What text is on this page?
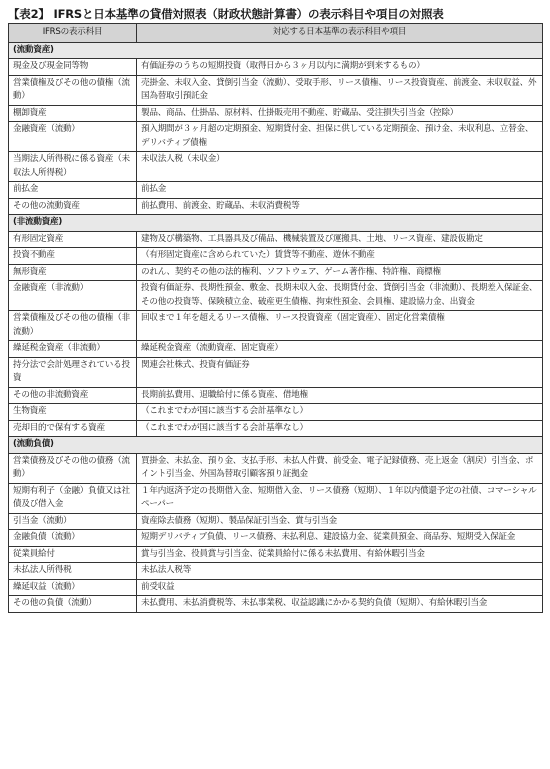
【表2】 IFRSと日本基準の貸借対照表（財政状態計算書）の表示科目や項目の対照表
IFRSの表示科目	対応する日本基準の表示科目や項目
(流動資産)	
現金及び現金同等物	有価証券のうちの短期投資（取得日から３ヶ月以内に満期が到来するもの）
営業債権及びその他の債権（流動）	売掛金、未収入金、貸倒引当金（流動）、受取手形、リース債権、リース投資資産、前渡金、未収収益、外国為替取引預託金
棚卸資産	製品、商品、仕掛品、原材料、仕掛販売用不動産、貯蔵品、受注損失引当金（控除）
金融資産（流動）	預入期間が３ヶ月超の定期預金、短期貸付金、担保に供している定期預金、預け金、未収利息、立替金、デリバティブ債権
当期法人所得税に係る資産（未収法人所得税）	未収法人税（未収金）
前払金	前払金
その他の流動資産	前払費用、前渡金、貯蔵品、未収消費税等
(非流動資産)	
有形固定資産	建物及び構築物、工具器具及び備品、機械装置及び運搬具、土地、リース資産、建設仮勘定
投資不動産	（有形固定資産に含められていた）賃貸等不動産、遊休不動産
無形資産	のれん、契約その他の法的権利、ソフトウェア、ゲーム著作権、特許権、商標権
金融資産（非流動）	投資有価証券、長期性預金、敷金、長期未収入金、長期貸付金、貸倒引当金（非流動）、長期差入保証金、その他の投資等、保険積立金、破産更生債権、拘束性預金、会員権、建設協力金、出資金
営業債権及びその他の債権（非流動）	回収まで１年を超えるリース債権、リース投資資産（固定資産）、固定化営業債権
繰延税金資産（非流動）	繰延税金資産（流動資産、固定資産）
持分法で会計処理されている投資	関連会社株式、投資有価証券
その他の非流動資産	長期前払費用、退職給付に係る資産、借地権
生物資産	（これまでわが国に該当する会計基準なし）
売却目的で保有する資産	（これまでわが国に該当する会計基準なし）
(流動負債)	
営業債務及びその他の債務（流動）	買掛金、未払金、預り金、支払手形、未払人件費、前受金、電子記録債務、売上返金（割戻）引当金、ポイント引当金、外国為替取引顧客預り証拠金
短期有利子（金融）負債又は社債及び借入金	１年内返済予定の長期借入金、短期借入金、リース債務（短期）、１年以内償還予定の社債、コマーシャルペーパー
引当金（流動）	資産除去債務（短期）、製品保証引当金、賞与引当金
金融負債（流動）	短期デリバティブ負債、リース債務、未払利息、建設協力金、従業員預金、商品券、短期受入保証金
従業員給付	賞与引当金、役員賞与引当金、従業員給付に係る未払費用、有給休暇引当金
未払法人所得税	未払法人税等
繰延収益（流動）	前受収益
その他の負債（流動）	未払費用、未払消費税等、未払事業税、収益認識にかかる契約負債（短期）、有給休暇引当金
